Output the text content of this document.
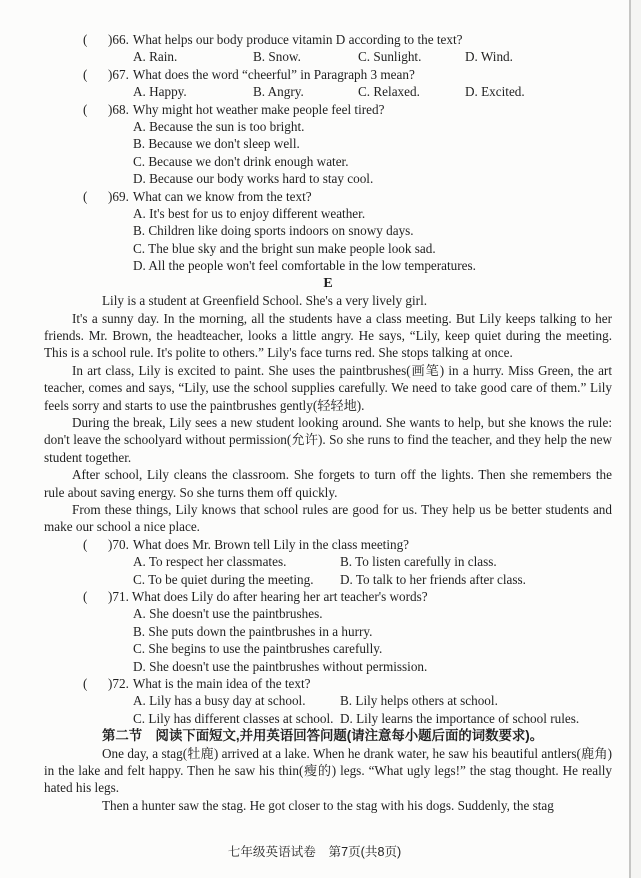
( )66. What helps our body produce vitamin D according to the text?
A. Rain.	B. Snow.	C. Sunlight.	D. Wind.
( )67. What does the word “cheerful” in Paragraph 3 mean?
A. Happy.	B. Angry.	C. Relaxed.	D. Excited.
( )68. Why might hot weather make people feel tired?
A. Because the sun is too bright.
B. Because we don't sleep well.
C. Because we don't drink enough water.
D. Because our body works hard to stay cool.
( )69. What can we know from the text?
A. It's best for us to enjoy different weather.
B. Children like doing sports indoors on snowy days.
C. The blue sky and the bright sun make people look sad.
D. All the people won't feel comfortable in the low temperatures.
E

Lily is a student at Greenfield School. She's a very lively girl.

It's a sunny day. In the morning, all the students have a class meeting. But Lily keeps talking to her friends. Mr. Brown, the headteacher, looks a little angry. He says, “Lily, keep quiet during the meeting. This is a school rule. It's polite to others.” Lily's face turns red. She stops talking at once.

In art class, Lily is excited to paint. She uses the paintbrushes(画笔) in a hurry. Miss Green, the art teacher, comes and says, “Lily, use the school supplies carefully. We need to take good care of them.” Lily feels sorry and starts to use the paintbrushes gently(轻轻地).

During the break, Lily sees a new student looking around. She wants to help, but she knows the rule: don't leave the schoolyard without permission(允许). So she runs to find the teacher, and they help the new student together.

After school, Lily cleans the classroom. She forgets to turn off the lights. Then she remembers the rule about saving energy. So she turns them off quickly.

From these things, Lily knows that school rules are good for us. They help us be better students and make our school a nice place.

( )70. What does Mr. Brown tell Lily in the class meeting?
A. To respect her classmates.	B. To listen carefully in class.
C. To be quiet during the meeting.	D. To talk to her friends after class.
( )71. What does Lily do after hearing her art teacher's words?
A. She doesn't use the paintbrushes.
B. She puts down the paintbrushes in a hurry.
C. She begins to use the paintbrushes carefully.
D. She doesn't use the paintbrushes without permission.
( )72. What is the main idea of the text?
A. Lily has a busy day at school.	B. Lily helps others at school.
C. Lily has different classes at school. D. Lily learns the importance of school rules.
第二节　阅读下面短文,并用英语回答问题(请注意每小题后面的词数要求)。

One day, a stag(牡鹿) arrived at a lake. When he drank water, he saw his beautiful antlers(鹿角) in the lake and felt happy. Then he saw his thin(瘦的) legs. “What ugly legs!” the stag thought. He really hated his legs.

Then a hunter saw the stag. He got closer to the stag with his dogs. Suddenly, the stag

七年级英语试卷　第7页(共8页)
